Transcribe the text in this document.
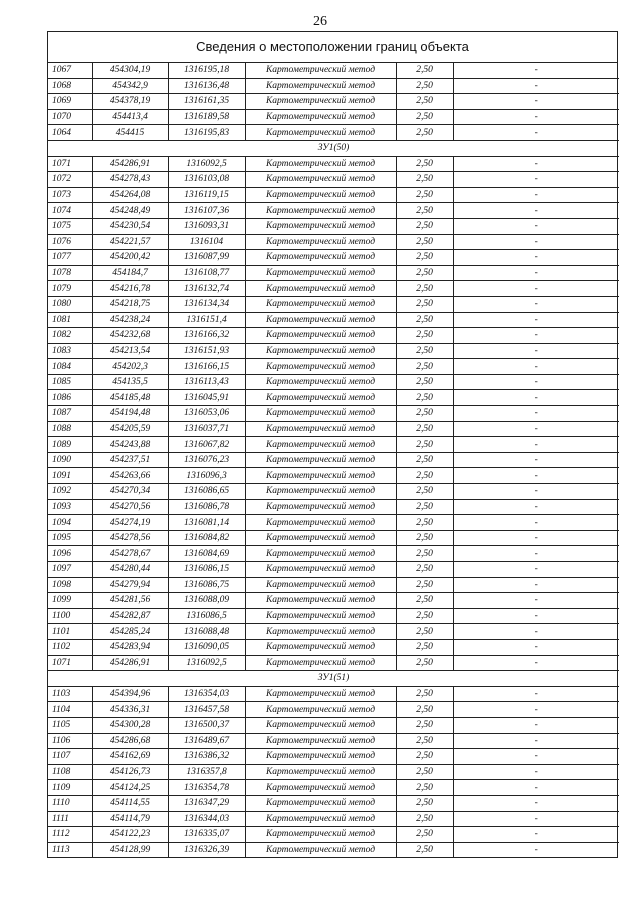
26
Сведения о местоположении границ объекта
1067	454304,19	1316195,18	Картометрический метод	2,50	-
1068	454342,9	1316136,48	Картометрический метод	2,50	-
1069	454378,19	1316161,35	Картометрический метод	2,50	-
1070	454413,4	1316189,58	Картометрический метод	2,50	-
1064	454415	1316195,83	Картометрический метод	2,50	-
ЗУ1(50)					
1071	454286,91	1316092,5	Картометрический метод	2,50	-
1072	454278,43	1316103,08	Картометрический метод	2,50	-
1073	454264,08	1316119,15	Картометрический метод	2,50	-
1074	454248,49	1316107,36	Картометрический метод	2,50	-
1075	454230,54	1316093,31	Картометрический метод	2,50	-
1076	454221,57	1316104	Картометрический метод	2,50	-
1077	454200,42	1316087,99	Картометрический метод	2,50	-
1078	454184,7	1316108,77	Картометрический метод	2,50	-
1079	454216,78	1316132,74	Картометрический метод	2,50	-
1080	454218,75	1316134,34	Картометрический метод	2,50	-
1081	454238,24	1316151,4	Картометрический метод	2,50	-
1082	454232,68	1316166,32	Картометрический метод	2,50	-
1083	454213,54	1316151,93	Картометрический метод	2,50	-
1084	454202,3	1316166,15	Картометрический метод	2,50	-
1085	454135,5	1316113,43	Картометрический метод	2,50	-
1086	454185,48	1316045,91	Картометрический метод	2,50	-
1087	454194,48	1316053,06	Картометрический метод	2,50	-
1088	454205,59	1316037,71	Картометрический метод	2,50	-
1089	454243,88	1316067,82	Картометрический метод	2,50	-
1090	454237,51	1316076,23	Картометрический метод	2,50	-
1091	454263,66	1316096,3	Картометрический метод	2,50	-
1092	454270,34	1316086,65	Картометрический метод	2,50	-
1093	454270,56	1316086,78	Картометрический метод	2,50	-
1094	454274,19	1316081,14	Картометрический метод	2,50	-
1095	454278,56	1316084,82	Картометрический метод	2,50	-
1096	454278,67	1316084,69	Картометрический метод	2,50	-
1097	454280,44	1316086,15	Картометрический метод	2,50	-
1098	454279,94	1316086,75	Картометрический метод	2,50	-
1099	454281,56	1316088,09	Картометрический метод	2,50	-
1100	454282,87	1316086,5	Картометрический метод	2,50	-
1101	454285,24	1316088,48	Картометрический метод	2,50	-
1102	454283,94	1316090,05	Картометрический метод	2,50	-
1071	454286,91	1316092,5	Картометрический метод	2,50	-
ЗУ1(51)					
1103	454394,96	1316354,03	Картометрический метод	2,50	-
1104	454336,31	1316457,58	Картометрический метод	2,50	-
1105	454300,28	1316500,37	Картометрический метод	2,50	-
1106	454286,68	1316489,67	Картометрический метод	2,50	-
1107	454162,69	1316386,32	Картометрический метод	2,50	-
1108	454126,73	1316357,8	Картометрический метод	2,50	-
1109	454124,25	1316354,78	Картометрический метод	2,50	-
1110	454114,55	1316347,29	Картометрический метод	2,50	-
1111	454114,79	1316344,03	Картометрический метод	2,50	-
1112	454122,23	1316335,07	Картометрический метод	2,50	-
1113	454128,99	1316326,39	Картометрический метод	2,50	-
